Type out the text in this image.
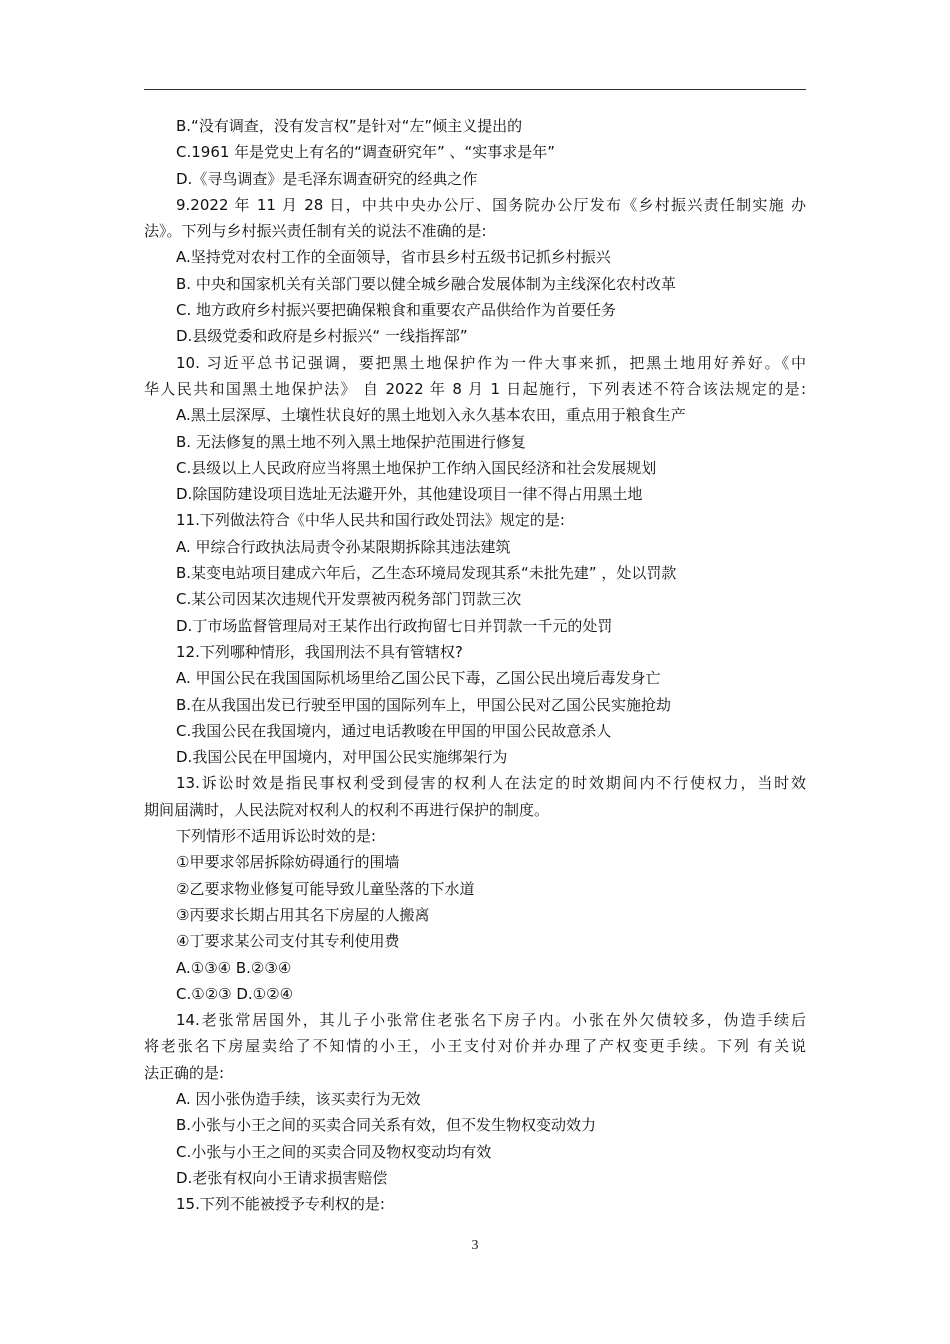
B.“没有调查，没有发言权”是针对“左”倾主义提出的
C.1961 年是党史上有名的“调查研究年” 、“实事求是年”
D.《寻鸟调查》是毛泽东调查研究的经典之作
9.2022 年 11 月 28 日，中共中央办公厅、国务院办公厅发布《乡村振兴责任制实施 办
法》。下列与乡村振兴责任制有关的说法不准确的是:
A.坚持党对农村工作的全面领导，省市县乡村五级书记抓乡村振兴
B. 中央和国家机关有关部门要以健全城乡融合发展体制为主线深化农村改革
C. 地方政府乡村振兴要把确保粮食和重要农产品供给作为首要任务
D.县级党委和政府是乡村振兴“ 一线指挥部”
10. 习近平总书记强调，要把黑土地保护作为一件大事来抓，把黑土地用好养好。《中
华人民共和国黑土地保护法》 自 2022 年 8 月 1 日起施行，下列表述不符合该法规定的是:
A.黑土层深厚、土壤性状良好的黑土地划入永久基本农田，重点用于粮食生产
B. 无法修复的黑土地不列入黑土地保护范围进行修复
C.县级以上人民政府应当将黑土地保护工作纳入国民经济和社会发展规划
D.除国防建设项目选址无法避开外，其他建设项目一律不得占用黑土地
11.下列做法符合《中华人民共和国行政处罚法》规定的是:
A. 甲综合行政执法局责令孙某限期拆除其违法建筑
B.某变电站项目建成六年后，乙生态环境局发现其系“未批先建” ，处以罚款
C.某公司因某次违规代开发票被丙税务部门罚款三次
D.丁市场监督管理局对王某作出行政拘留七日并罚款一千元的处罚
12.下列哪种情形，我国刑法不具有管辖权?
A. 甲国公民在我国国际机场里给乙国公民下毒，乙国公民出境后毒发身亡
B.在从我国出发已行驶至甲国的国际列车上，甲国公民对乙国公民实施抢劫
C.我国公民在我国境内，通过电话教唆在甲国的甲国公民故意杀人
D.我国公民在甲国境内，对甲国公民实施绑架行为
13.诉讼时效是指民事权利受到侵害的权利人在法定的时效期间内不行使权力，当时效
期间届满时，人民法院对权利人的权利不再进行保护的制度。
下列情形不适用诉讼时效的是:
①甲要求邻居拆除妨碍通行的围墙
②乙要求物业修复可能导致儿童坠落的下水道
③丙要求长期占用其名下房屋的人搬离
④丁要求某公司支付其专利使用费
A.①③④ B.②③④
C.①②③ D.①②④
14.老张常居国外，其儿子小张常住老张名下房子内。小张在外欠债较多，伪造手续后
将老张名下房屋卖给了不知情的小王，小王支付对价并办理了产权变更手续。下列 有关说
法正确的是:
A. 因小张伪造手续，该买卖行为无效
B.小张与小王之间的买卖合同关系有效，但不发生物权变动效力
C.小张与小王之间的买卖合同及物权变动均有效
D.老张有权向小王请求损害赔偿
15.下列不能被授予专利权的是:
3
